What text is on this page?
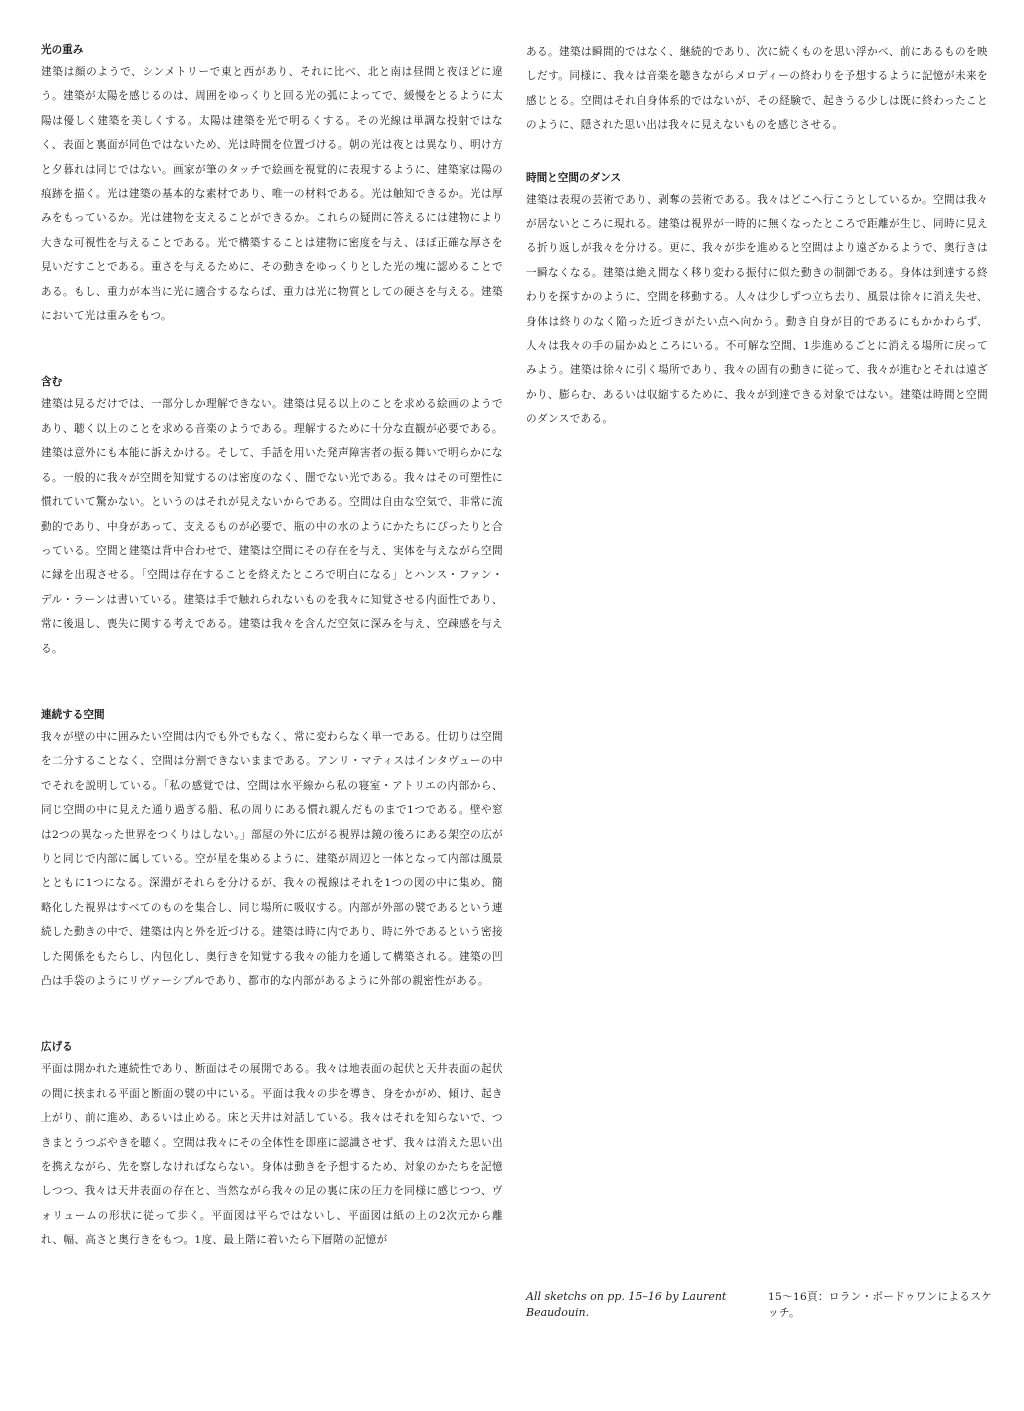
光の重み

建築は顔のようで、シンメトリーで東と西があり、それに比べ、北と南は昼間と夜ほどに違う。建築が太陽を感じるのは、周囲をゆっくりと回る光の弧によってで、緩慢をとるように太陽は優しく建築を美しくする。太陽は建築を光で明るくする。その光線は単調な投射ではなく、表面と裏面が同色ではないため、光は時間を位置づける。朝の光は夜とは異なり、明け方と夕暮れは同じではない。画家が筆のタッチで絵画を視覚的に表現するように、建築家は陽の痕跡を描く。光は建築の基本的な素材であり、唯一の材料である。光は触知できるか。光は厚みをもっているか。光は建物を支えることができるか。これらの疑問に答えるには建物により大きな可視性を与えることである。光で構築することは建物に密度を与え、ほぼ正確な厚さを見いだすことである。重さを与えるために、その動きをゆっくりとした光の塊に認めることである。もし、重力が本当に光に適合するならば、重力は光に物質としての硬さを与える。建築において光は重みをもつ。

含む

建築は見るだけでは、一部分しか理解できない。建築は見る以上のことを求める絵画のようであり、聴く以上のことを求める音楽のようである。理解するために十分な直観が必要である。建築は意外にも本能に訴えかける。そして、手話を用いた発声障害者の振る舞いで明らかになる。一般的に我々が空間を知覚するのは密度のなく、闇でない光である。我々はその可塑性に慣れていて驚かない。というのはそれが見えないからである。空間は自由な空気で、非常に流動的であり、中身があって、支えるものが必要で、瓶の中の水のようにかたちにぴったりと合っている。空間と建築は背中合わせで、建築は空間にその存在を与え、実体を与えながら空間に縁を出現させる。「空間は存在することを終えたところで明白になる」とハンス・ファン・デル・ラーンは書いている。建築は手で触れられないものを我々に知覚させる内面性であり、常に後退し、喪失に関する考えである。建築は我々を含んだ空気に深みを与え、空疎感を与える。

連続する空間

我々が壁の中に囲みたい空間は内でも外でもなく、常に変わらなく単一である。仕切りは空間を二分することなく、空間は分割できないままである。アンリ・マティスはインタヴューの中でそれを説明している。「私の感覚では、空間は水平線から私の寝室・アトリエの内部から、同じ空間の中に見えた通り過ぎる船、私の周りにある慣れ親んだものまで1つである。壁や窓は2つの異なった世界をつくりはしない。」部屋の外に広がる視界は鏡の後ろにある架空の広がりと同じで内部に属している。空が星を集めるように、建築が周辺と一体となって内部は風景とともに1つになる。深淵がそれらを分けるが、我々の視線はそれを1つの図の中に集め、簡略化した視界はすべてのものを集合し、同じ場所に吸収する。内部が外部の襞であるという連続した動きの中で、建築は内と外を近づける。建築は時に内であり、時に外であるという密接した関係をもたらし、内包化し、奥行きを知覚する我々の能力を通して構築される。建築の凹凸は手袋のようにリヴァーシブルであり、都市的な内部があるように外部の親密性がある。

広げる

平面は開かれた連続性であり、断面はその展開である。我々は地表面の起伏と天井表面の起伏の間に挟まれる平面と断面の襞の中にいる。平面は我々の歩を導き、身をかがめ、傾け、起き上がり、前に進め、あるいは止める。床と天井は対話している。我々はそれを知らないで、つきまとうつぶやきを聴く。空間は我々にその全体性を即座に認識させず、我々は消えた思い出を携えながら、先を察しなければならない。身体は動きを予想するため、対象のかたちを記憶しつつ、我々は天井表面の存在と、当然ながら我々の足の裏に床の圧力を同様に感じつつ、ヴォリュームの形状に従って歩く。平面図は平らではないし、平面図は紙の上の2次元から離れ、幅、高さと奥行きをもつ。1度、最上階に着いたら下層階の記憶が

ある。建築は瞬間的ではなく、継続的であり、次に続くものを思い浮かべ、前にあるものを映しだす。同様に、我々は音楽を聴きながらメロディーの終わりを予想するように記憶が未来を感じとる。空間はそれ自身体系的ではないが、その経験で、起きうる少しは既に終わったことのように、隠された思い出は我々に見えないものを感じさせる。

時間と空間のダンス

建築は表現の芸術であり、剥奪の芸術である。我々はどこへ行こうとしているか。空間は我々が居ないところに現れる。建築は視界が一時的に無くなったところで距離が生じ、同時に見える折り返しが我々を分ける。更に、我々が歩を進めると空間はより遠ざかるようで、奥行きは一瞬なくなる。建築は絶え間なく移り変わる振付に似た動きの制御である。身体は到達する終わりを探すかのように、空間を移動する。人々は少しずつ立ち去り、風景は徐々に消え失せ、身体は終りのなく陥った近づきがたい点へ向かう。動き自身が目的であるにもかかわらず、人々は我々の手の届かぬところにいる。不可解な空間、1歩進めるごとに消える場所に戻ってみよう。建築は徐々に引く場所であり、我々の固有の動きに従って、我々が進むとそれは遠ざかり、膨らむ、あるいは収縮するために、我々が到達できる対象ではない。建築は時間と空間のダンスである。

All sketchs on pp. 15–16 by Laurent Beaudouin.
15～16頁：ロラン・ボードゥワンによるスケッチ。
